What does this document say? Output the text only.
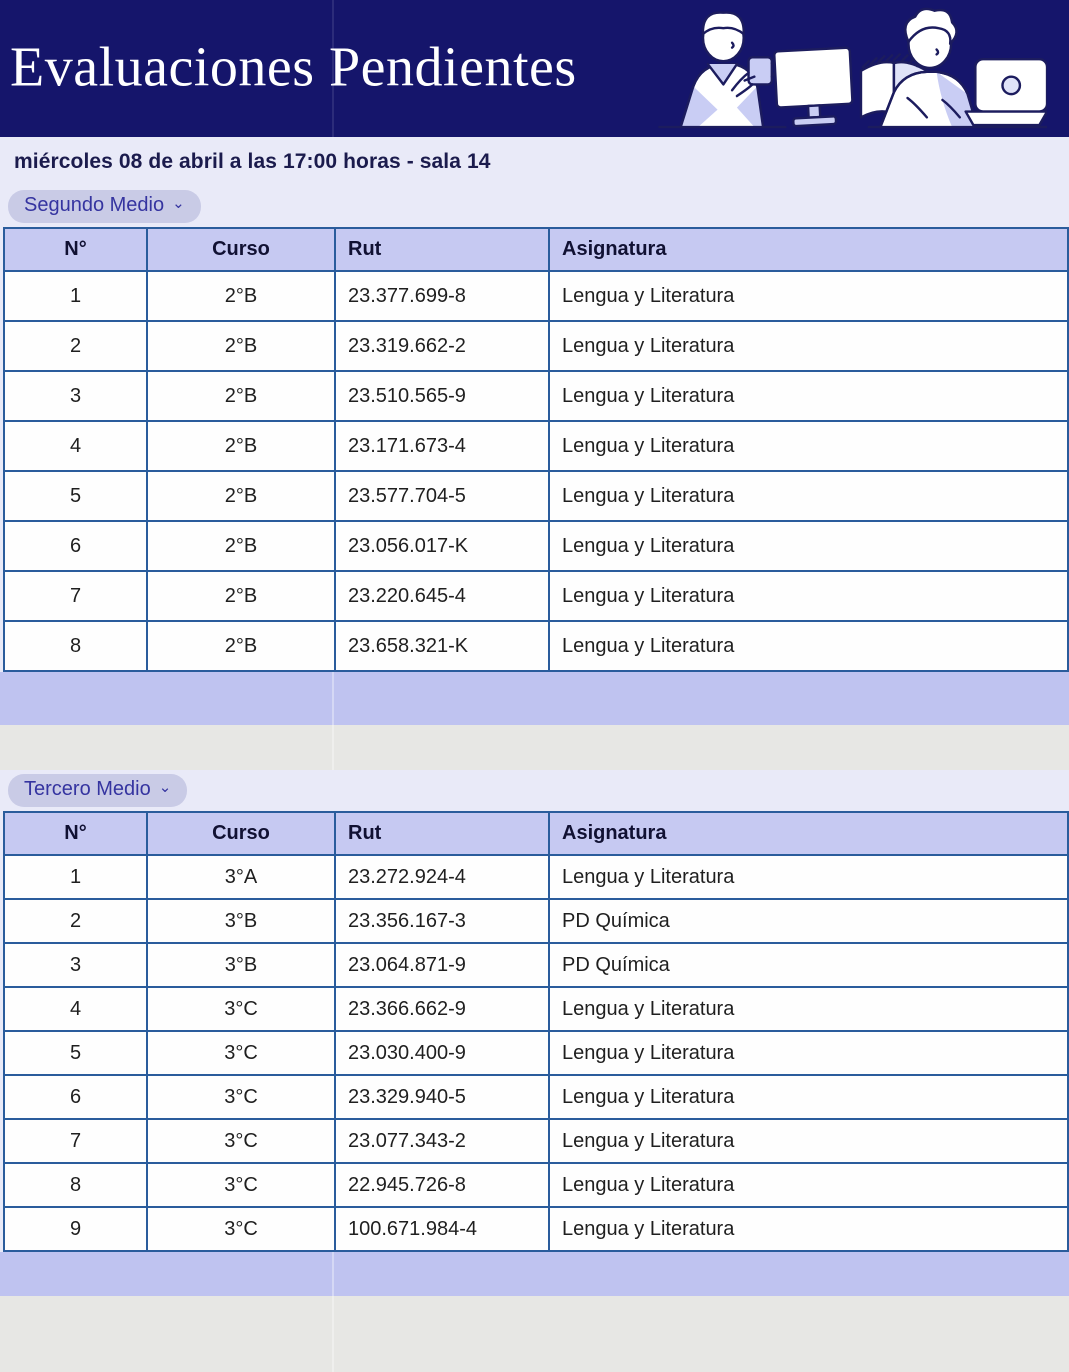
Evaluaciones Pendientes

miércoles 08 de abril a las 17:00 horas - sala 14

Segundo Medio ⌄
N°	Curso	Rut	Asignatura
1	2°B	23.377.699-8	Lengua y Literatura
2	2°B	23.319.662-2	Lengua y Literatura
3	2°B	23.510.565-9	Lengua y Literatura
4	2°B	23.171.673-4	Lengua y Literatura
5	2°B	23.577.704-5	Lengua y Literatura
6	2°B	23.056.017-K	Lengua y Literatura
7	2°B	23.220.645-4	Lengua y Literatura
8	2°B	23.658.321-K	Lengua y Literatura
Tercero Medio ⌄
N°	Curso	Rut	Asignatura
1	3°A	23.272.924-4	Lengua y Literatura
2	3°B	23.356.167-3	PD Química
3	3°B	23.064.871-9	PD Química
4	3°C	23.366.662-9	Lengua y Literatura
5	3°C	23.030.400-9	Lengua y Literatura
6	3°C	23.329.940-5	Lengua y Literatura
7	3°C	23.077.343-2	Lengua y Literatura
8	3°C	22.945.726-8	Lengua y Literatura
9	3°C	100.671.984-4	Lengua y Literatura
